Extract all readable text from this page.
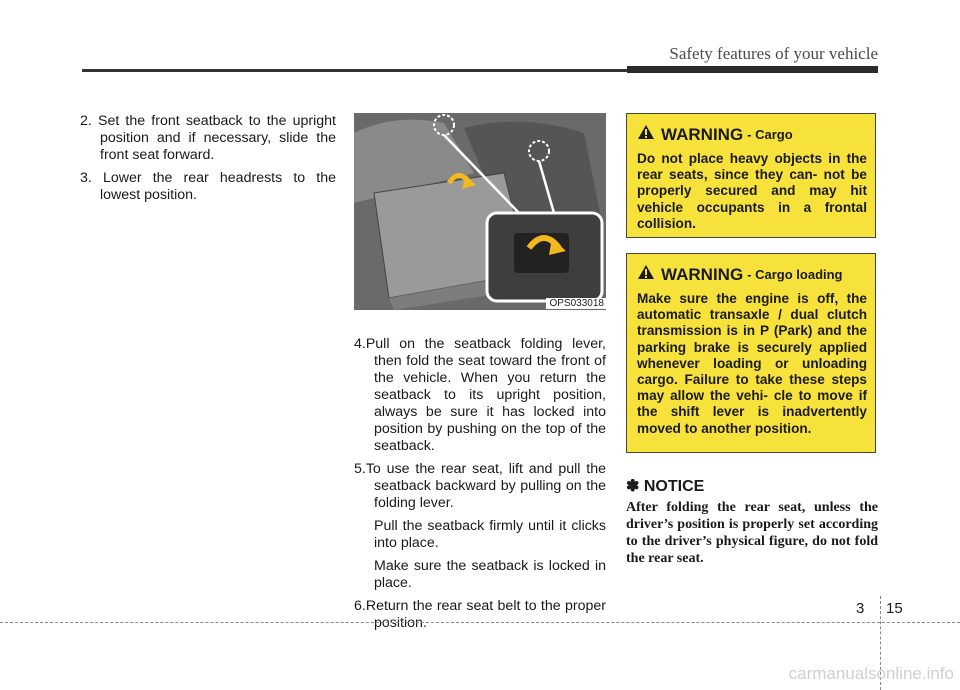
Safety features of your vehicle

2. Set the front seatback to the upright position and if necessary, slide the front seat forward.

3. Lower the rear headrests to the lowest position.

OPS033018

4.Pull on the seatback folding lever, then fold the seat toward the front of the vehicle. When you return the seatback to its upright position, always be sure it has locked into position by pushing on the top of the seatback.

5.To use the rear seat, lift and pull the seatback backward by pulling on the folding lever.

Pull the seatback firmly until it clicks into place.

Make sure the seatback is locked in place.

6.Return the rear seat belt to the proper position.

WARNING - Cargo
Do not place heavy objects in the rear seats, since they can- not be properly secured and may hit vehicle occupants in a frontal collision.
WARNING - Cargo loading
Make sure the engine is off, the automatic transaxle / dual clutch transmission is in P (Park) and the parking brake is securely applied whenever loading or unloading cargo. Failure to take these steps may allow the vehi- cle to move if the shift lever is inadvertently moved to another position.
✽ NOTICE
After folding the rear seat, unless the driver’s position is properly set according to the driver’s physical figure, do not fold the rear seat.
3 15
carmanualsonline.info
